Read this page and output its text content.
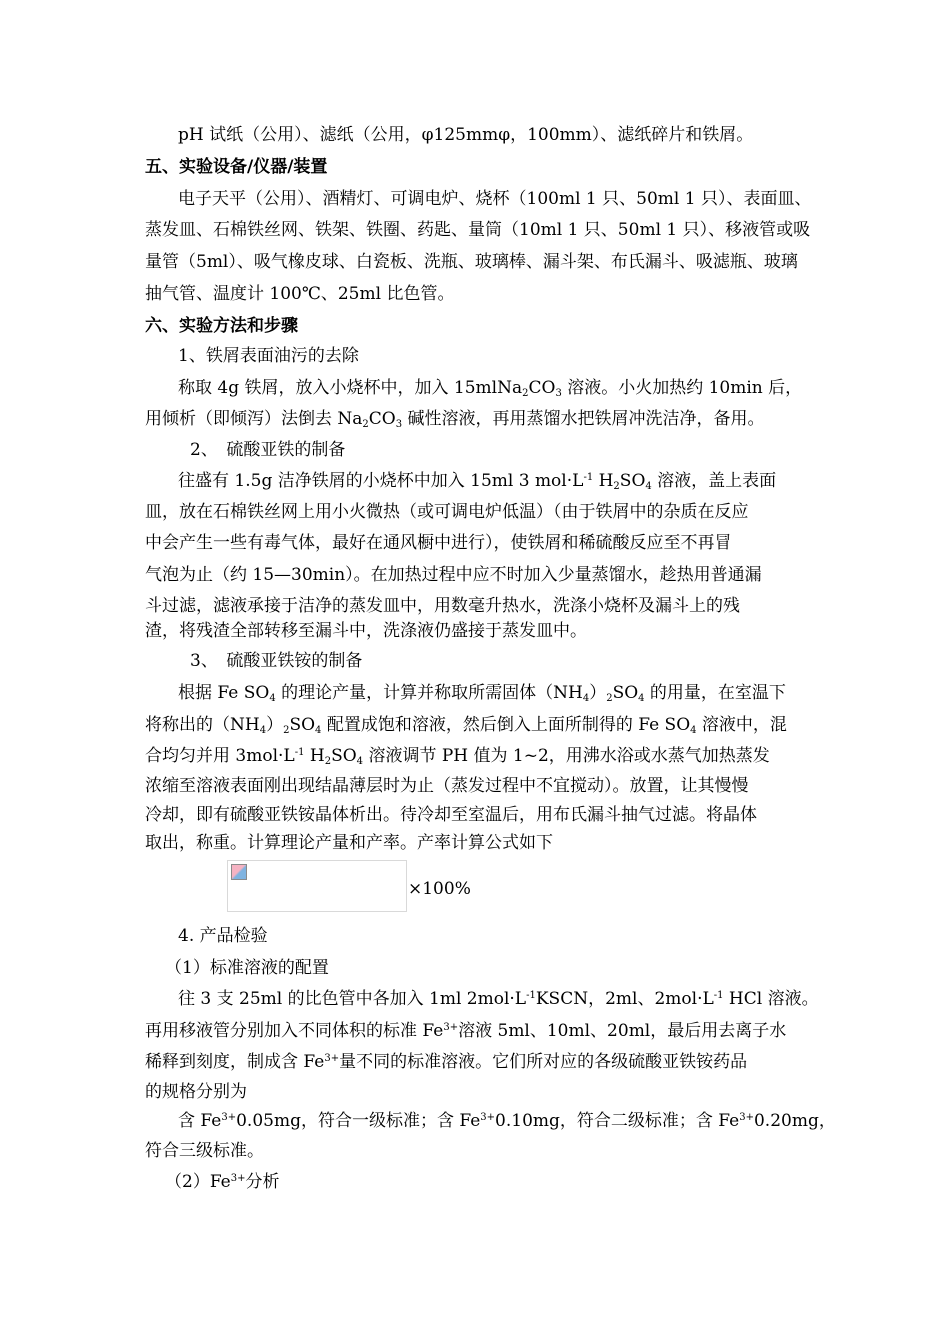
pH 试纸（公用）、滤纸（公用，φ125mmφ，100mm）、滤纸碎片和铁屑。
五、实验设备/仪器/装置
电子天平（公用）、酒精灯、可调电炉、烧杯（100ml 1 只、50ml 1 只）、表面皿、
蒸发皿、石棉铁丝网、铁架、铁圈、药匙、量筒（10ml 1 只、50ml 1 只）、移液管或吸
量管（5ml）、吸气橡皮球、白瓷板、洗瓶、玻璃棒、漏斗架、布氏漏斗、吸滤瓶、玻璃
抽气管、温度计 100℃、25ml 比色管。
六、实验方法和步骤
1、铁屑表面油污的去除
称取 4g 铁屑，放入小烧杯中，加入 $15mlNa_2CO_3$ 溶液。小火加热约 10min 后，
用倾析（即倾泻）法倒去 $Na_2CO_3$ 碱性溶液，再用蒸馏水把铁屑冲洗洁净，备用。
2、　硫酸亚铁的制备
往盛有 1.5g 洁净铁屑的小烧杯中加入 15ml 3 $mol\cdot L^{-1}$ $H_2SO_4$ 溶液，盖上表面
皿，放在石棉铁丝网上用小火微热（或可调电炉低温）（由于铁屑中的杂质在反应
中会产生一些有毒气体，最好在通风橱中进行），使铁屑和稀硫酸反应至不再冒
气泡为止（约 15—30min）。在加热过程中应不时加入少量蒸馏水，趁热用普通漏
斗过滤，滤液承接于洁净的蒸发皿中，用数毫升热水，洗涤小烧杯及漏斗上的残
渣，将残渣全部转移至漏斗中，洗涤液仍盛接于蒸发皿中。
3、　硫酸亚铁铵的制备
根据 Fe $SO_4$ 的理论产量，计算并称取所需固体$(NH_4)_2SO_4$ 的用量，在室温下
将称出的$(NH_4)_2SO_4$ 配置成饱和溶液，然后倒入上面所制得的 Fe $SO_4$ 溶液中，混
合均匀并用 $3mol\cdot L^{-1}$ $H_2SO_4$ 溶液调节 PH 值为 1~2，用沸水浴或水蒸气加热蒸发
浓缩至溶液表面刚出现结晶薄层时为止（蒸发过程中不宜搅动）。放置，让其慢慢
冷却，即有硫酸亚铁铵晶体析出。待冷却至室温后，用布氏漏斗抽气过滤。将晶体
取出，称重。计算理论产量和产率。产率计算公式如下
×100%
4. 产品检验
（1）标准溶液的配置
往 3 支 25ml 的比色管中各加入 1ml $2mol\cdot L^{-1}KSCN$，2ml、$2mol\cdot L^{-1}$ HCl 溶液。
再用移液管分别加入不同体积的标准 $Fe^{3+}$溶液 5ml、10ml、20ml，最后用去离子水
稀释到刻度，制成含 $Fe^{3+}$量不同的标准溶液。它们所对应的各级硫酸亚铁铵药品
的规格分别为
含 $Fe^{3+}0.05mg$，符合一级标准；含 $Fe^{3+}0.10mg$，符合二级标准；含 $Fe^{3+}0.20mg$，
符合三级标准。
$(2)Fe^{3+}$分析
